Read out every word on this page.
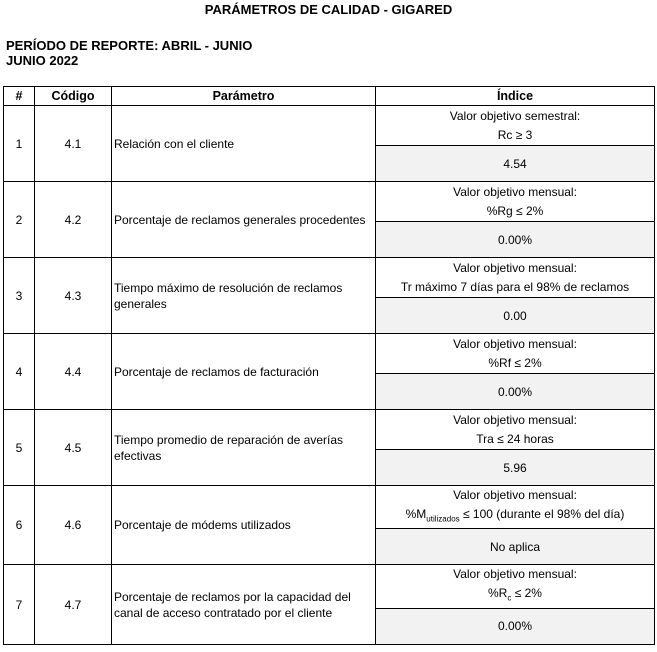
PARÁMETROS DE CALIDAD - GIGARED
PERÍODO DE REPORTE: ABRIL - JUNIO
JUNIO 2022
#	Código	Parámetro	Índice
1	4.1	Relación con el cliente	Valor objetivo semestral:
Rc ≥ 3

			4.54
2	4.2	Porcentaje de reclamos generales procedentes	Valor objetivo mensual:
%Rg ≤ 2%

			0.00%
3	4.3	Tiempo máximo de resolución de reclamos generales	Valor objetivo mensual:
Tr máximo 7 días para el 98% de reclamos

			0.00
4	4.4	Porcentaje de reclamos de facturación	Valor objetivo mensual:
%Rf ≤ 2%

			0.00%
5	4.5	Tiempo promedio de reparación de averías efectivas	Valor objetivo mensual:
Tra ≤ 24 horas

			5.96
6	4.6	Porcentaje de módems utilizados	Valor objetivo mensual:
$\%M_{utilizados} \le 100$ (durante el 98% del día)

			No aplica
7	4.7	Porcentaje de reclamos por la capacidad del canal de acceso contratado por el cliente	Valor objetivo mensual:
$\%R_c \le 2\%$

			0.00%
